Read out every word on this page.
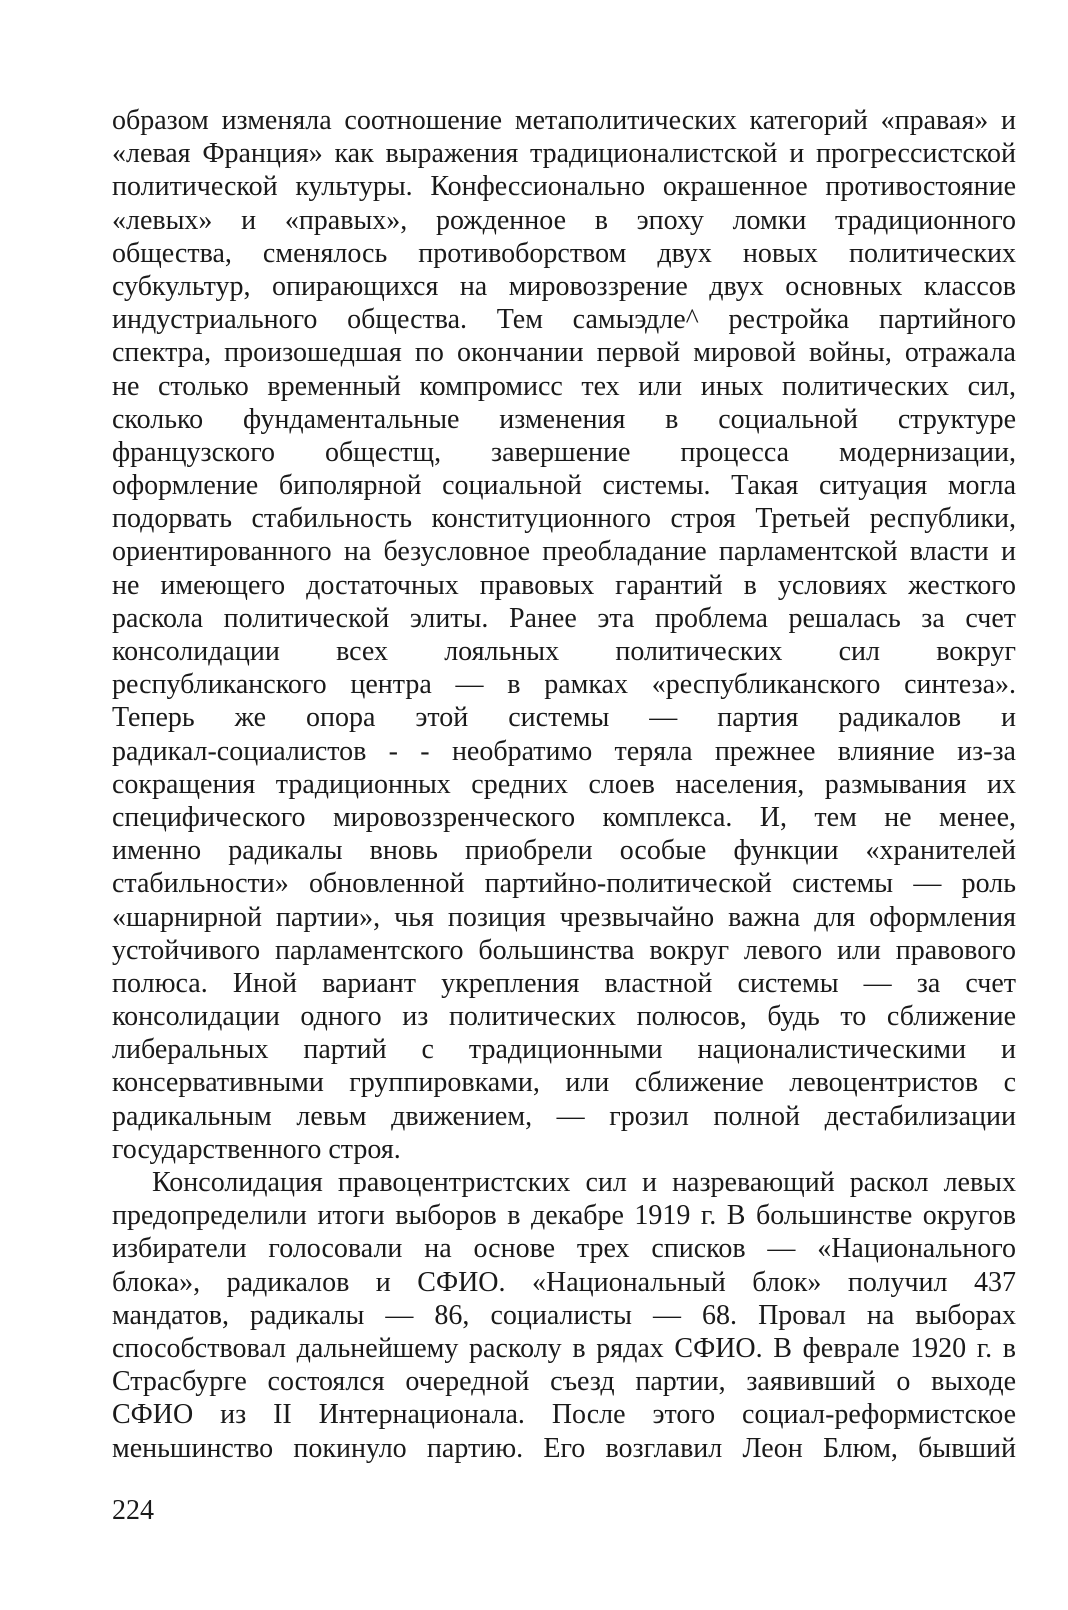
образом изменяла соотношение метаполитических категорий «правая» и
«левая Франция» как выражения традиционалистской и прогрессистской
политической культуры. Конфессионально окрашенное противостояние
«левых» и «правых», рожденное в эпоху ломки традиционного
общества, сменялось противоборством двух новых политических
субкультур, опирающихся на мировоззрение двух основных классов
индустриального общества. Тем самыэдле^ рестройка партийного
спектра, произошедшая по окончании первой мировой войны, отражала
не столько временный компромисс тех или иных политических сил,
сколько фундаментальные изменения в социальной структуре
французского общестщ, завершение процесса модернизации,
оформление биполярной социальной системы. Такая ситуация могла
подорвать стабильность конституционного строя Третьей республики,
ориентированного на безусловное преобладание парламентской власти и
не имеющего достаточных правовых гарантий в условиях жесткого
раскола политической элиты. Ранее эта проблема решалась за счет
консолидации всех лояльных политических сил вокруг
республиканского центра — в рамках «республиканского синтеза».
Теперь же опора этой системы — партия радикалов и
радикал-социалистов - - необратимо теряла прежнее влияние из-за
сокращения традиционных средних слоев населения, размывания их
специфического мировоззренческого комплекса. И, тем не менее,
именно радикалы вновь приобрели особые функции «хранителей
стабильности» обновленной партийно-политической системы — роль
«шарнирной партии», чья позиция чрезвычайно важна для оформления
устойчивого парламентского большинства вокруг левого или правового
полюса. Иной вариант укрепления властной системы — за счет
консолидации одного из политических полюсов, будь то сближение
либеральных партий с традиционными националистическими и
консервативными группировками, или сближение левоцентристов с
радикальным левьм движением, — грозил полной дестабилизации
государственного строя.
Консолидация правоцентристских сил и назревающий раскол левых
предопределили итоги выборов в декабре 1919 г. В большинстве округов
избиратели голосовали на основе трех списков — «Национального
блока», радикалов и СФИО. «Национальный блок» получил 437
мандатов, радикалы — 86, социалисты — 68. Провал на выборах
способствовал дальнейшему расколу в рядах СФИО. В феврале 1920 г. в
Страсбурге состоялся очередной съезд партии, заявивший о выходе
СФИО из II Интернационала. После этого социал-реформистское
меньшинство покинуло партию. Его возглавил Леон Блюм, бывший
224
